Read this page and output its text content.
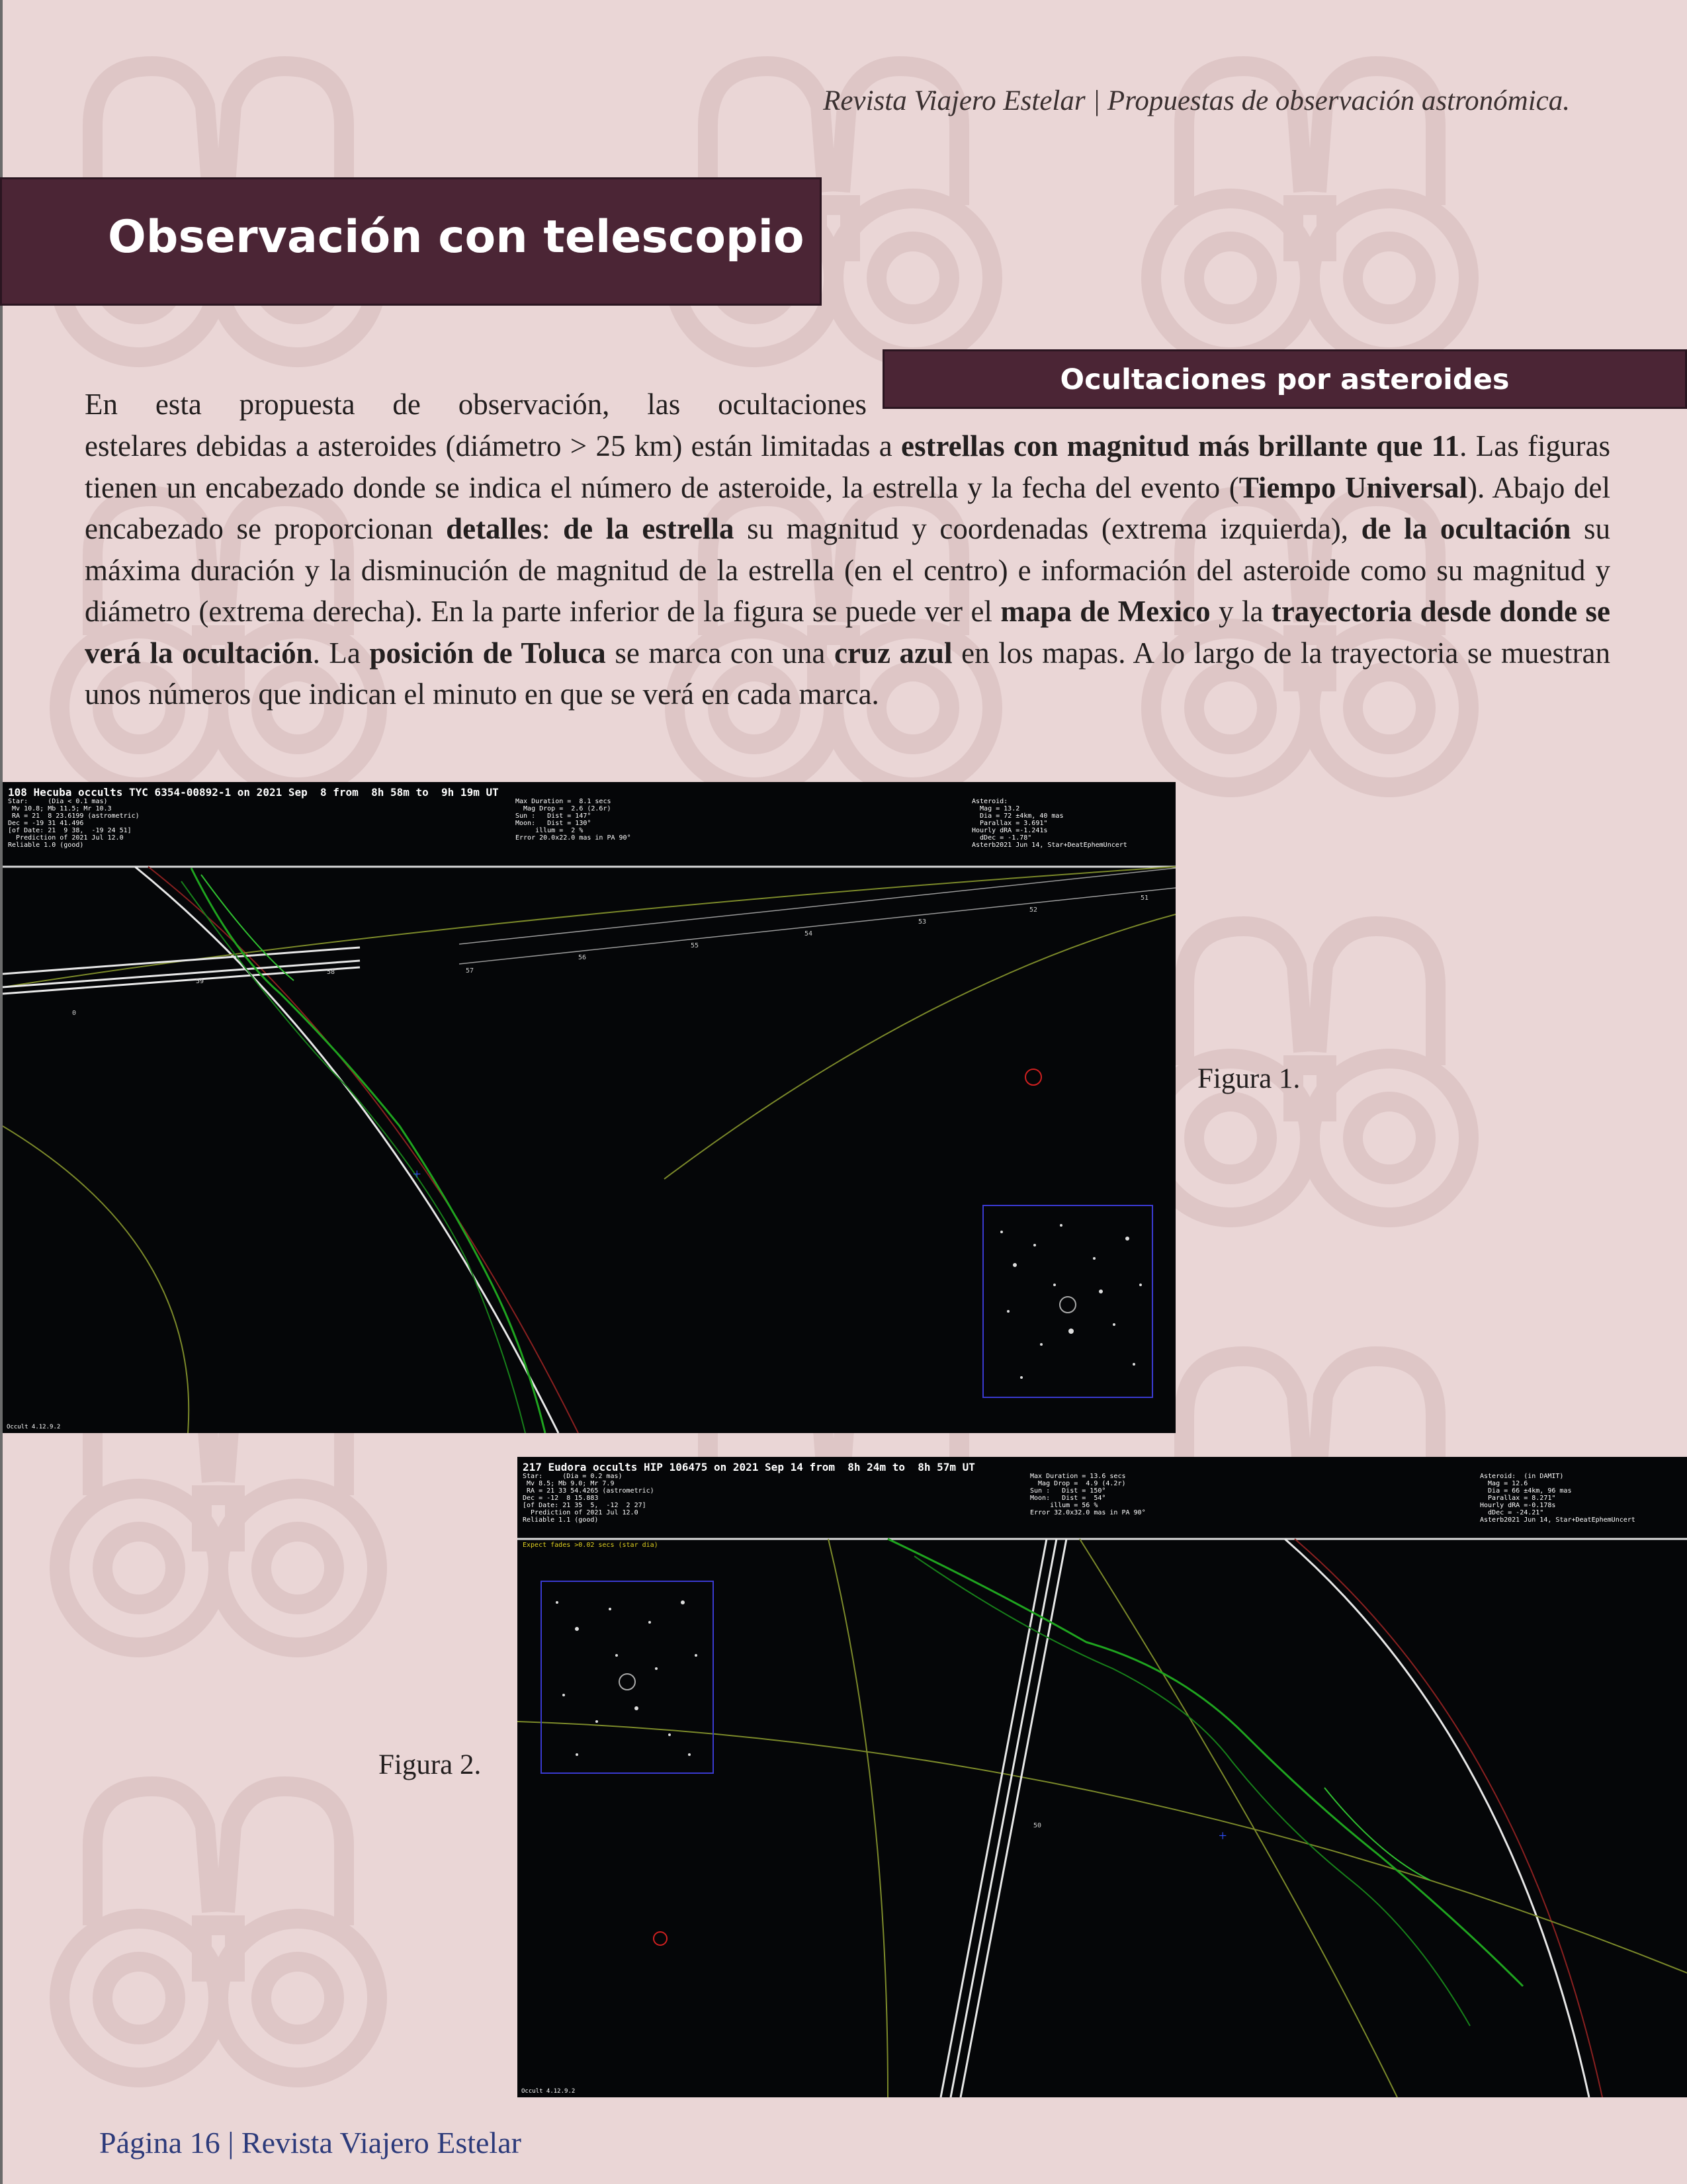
Revista Viajero Estelar | Propuestas de observación astronómica.
Observación con telescopio
Ocultaciones por asteroides
En esta propuesta de observación, las ocultaciones
estelares debidas a asteroides (diámetro > 25 km) están limitadas a estrellas con magnitud más brillante que 11. Las figuras tienen un encabezado donde se indica el número de asteroide, la estrella y la fecha del evento (Tiempo Universal). Abajo del encabezado se proporcionan detalles: de la estrella su magnitud y coordenadas (extrema izquierda), de la ocultación su máxima duración y la disminución de magnitud de la estrella (en el centro) e información del asteroide como su magnitud y diámetro (extrema derecha). En la parte inferior de la figura se puede ver el mapa de Mexico y la trayectoria desde donde se verá la ocultación. La posición de Toluca se marca con una cruz azul en los mapas. A lo largo de la trayectoria se muestran unos números que indican el minuto en que se verá en cada marca.
108 Hecuba occults TYC 6354-00892-1 on 2021 Sep  8 from  8h 58m to  9h 19m UT
Star:     (Dia < 0.1 mas)
Mv 10.8; Mb 11.5; Mr 10.3
RA = 21  8 23.6199 (astrometric)
Dec = -19 31 41.496
[of Date: 21  9 38,  -19 24 51]
Prediction of 2021 Jul 12.0
Reliable 1.0 (good)
Max Duration =  8.1 secs
Mag Drop =  2.6 (2.6r)
Sun :   Dist = 147°
Moon:   Dist = 130°
illum =  2 %
Error 20.0x22.0 mas in PA 90°
Asteroid:
Mag = 13.2
Dia = 72 ±4km, 40 mas
Parallax = 3.691"
Hourly dRA =-1.241s
dDec = -1.78"
Asterb2021 Jun 14, Star+DeatEphemUncert
+
51
52
53
54
55
56
57
58
59
0
Occult 4.12.9.2
Figura 1.
217 Eudora occults HIP 106475 on 2021 Sep 14 from  8h 24m to  8h 57m UT
Star:     (Dia = 0.2 mas)
Mv 8.5; Mb 9.0; Mr 7.9
RA = 21 33 54.4265 (astrometric)
Dec = -12  8 15.883
[of Date: 21 35  5,  -12  2 27]
Prediction of 2021 Jul 12.0
Reliable 1.1 (good)
Max Duration = 13.6 secs
Mag Drop =  4.9 (4.2r)
Sun :   Dist = 150°
Moon:   Dist =  54°
illum = 56 %
Error 32.0x32.0 mas in PA 90°
Asteroid:  (in DAMIT)
Mag = 12.6
Dia = 66 ±4km, 96 mas
Parallax = 8.271"
Hourly dRA =-0.178s
dDec = -24.21"
Asterb2021 Jun 14, Star+DeatEphemUncert
Expect fades >0.02 secs (star dia)
+
50
Occult 4.12.9.2
Figura 2.
Página 16 | Revista Viajero Estelar
